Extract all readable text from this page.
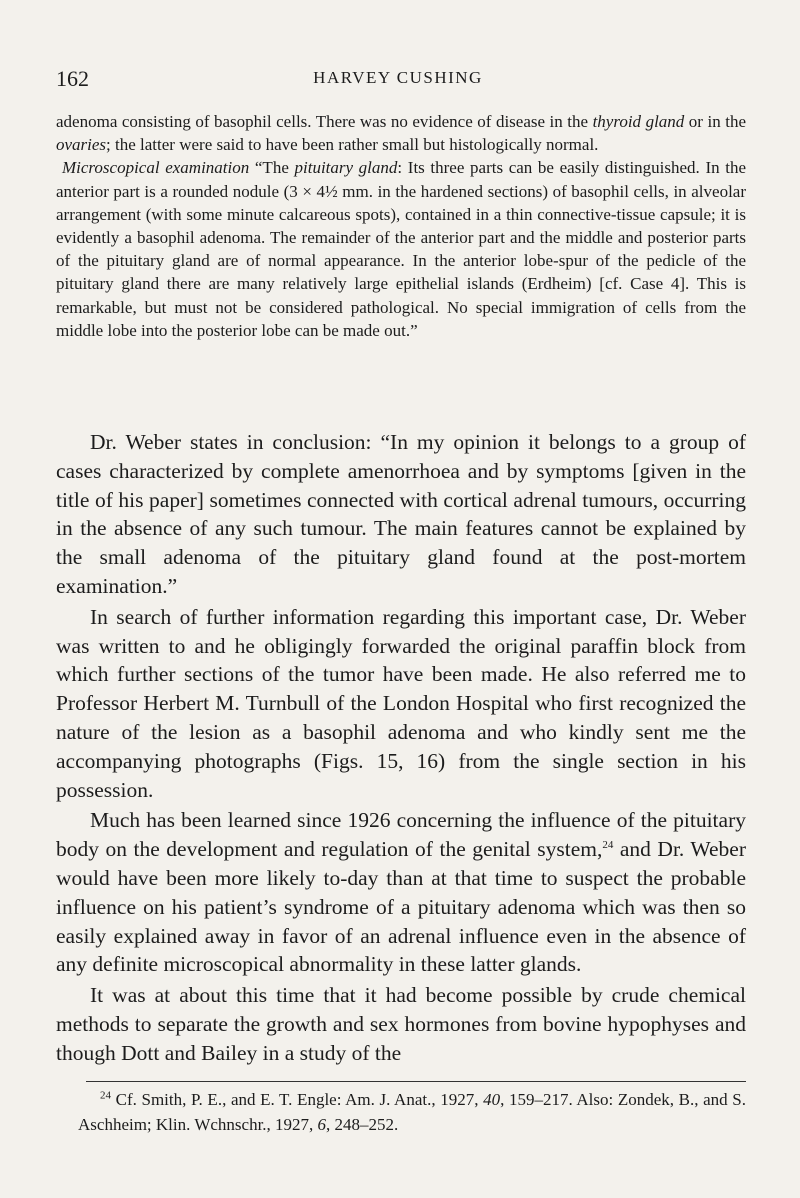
162	HARVEY CUSHING

adenoma consisting of basophil cells. There was no evidence of disease in the thyroid gland or in the ovaries; the latter were said to have been rather small but histologically normal.

Microscopical examination “The pituitary gland: Its three parts can be easily distinguished. In the anterior part is a rounded nodule (3 × 4½ mm. in the hardened sections) of basophil cells, in alveolar arrangement (with some minute calcareous spots), contained in a thin connective-tissue capsule; it is evidently a basophil adenoma. The remainder of the anterior part and the middle and posterior parts of the pituitary gland are of normal appearance. In the anterior lobe-spur of the pedicle of the pituitary gland there are many relatively large epithelial islands (Erdheim) [cf. Case 4]. This is remarkable, but must not be considered pathological. No special immigration of cells from the middle lobe into the posterior lobe can be made out.”

Dr. Weber states in conclusion: “In my opinion it belongs to a group of cases characterized by complete amenorrhoea and by symptoms [given in the title of his paper] sometimes connected with cortical adrenal tumours, occurring in the absence of any such tumour. The main features cannot be explained by the small adenoma of the pituitary gland found at the post-mortem examination.”

In search of further information regarding this important case, Dr. Weber was written to and he obligingly forwarded the original paraffin block from which further sections of the tumor have been made. He also referred me to Professor Herbert M. Turnbull of the London Hospital who first recognized the nature of the lesion as a basophil adenoma and who kindly sent me the accompanying photographs (Figs. 15, 16) from the single section in his possession.

Much has been learned since 1926 concerning the influence of the pituitary body on the development and regulation of the genital system,$^{24}$ and Dr. Weber would have been more likely to-day than at that time to suspect the probable influence on his patient’s syndrome of a pituitary adenoma which was then so easily explained away in favor of an adrenal influence even in the absence of any definite microscopical abnormality in these latter glands.

It was at about this time that it had become possible by crude chemical methods to separate the growth and sex hormones from bovine hypophyses and though Dott and Bailey in a study of the

$^{24}$ Cf. Smith, P. E., and E. T. Engle: Am. J. Anat., 1927, 40, 159–217. Also: Zondek, B., and S. Aschheim; Klin. Wchnschr., 1927, 6, 248–252.
